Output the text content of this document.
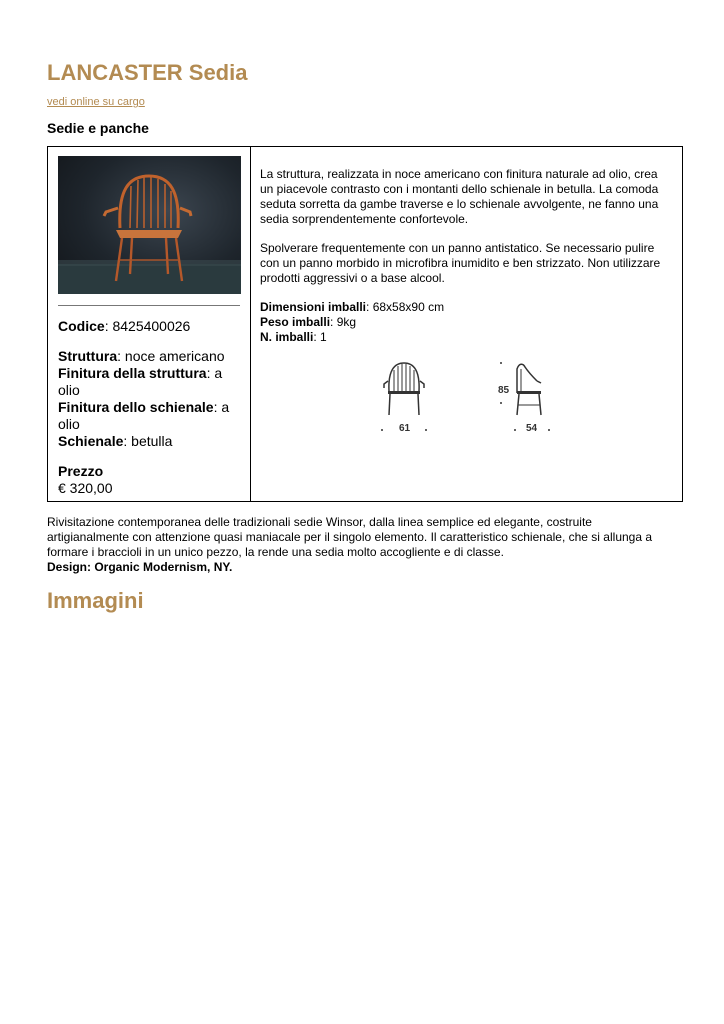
LANCASTER Sedia
vedi online su cargo
Sedie e panche

Codice: 8425400026

Struttura: noce americano

Finitura della struttura: a olio

Finitura dello schienale: a olio

Schienale: betulla

Prezzo

€ 320,00

La struttura, realizzata in noce americano con finitura naturale ad olio, crea un piacevole contrasto con i montanti dello schienale in betulla. La comoda seduta sorretta da gambe traverse e lo schienale avvolgente, ne fanno una sedia sorprendentemente confortevole.

Spolverare frequentemente con un panno antistatico. Se necessario pulire con un panno morbido in microfibra inumidito e ben strizzato. Non utilizzare prodotti aggressivi o a base alcool.

Dimensioni imballi: 68x58x90 cm

Peso imballi: 9kg

N. imballi: 1

61
85
54

Rivisitazione contemporanea delle tradizionali sedie Winsor, dalla linea semplice ed elegante, costruite artigianalmente con attenzione quasi maniacale per il singolo elemento. Il caratteristico schienale, che si allunga a formare i braccioli in un unico pezzo, la rende una sedia molto accogliente e di classe.

Design: Organic Modernism, NY.

Immagini
